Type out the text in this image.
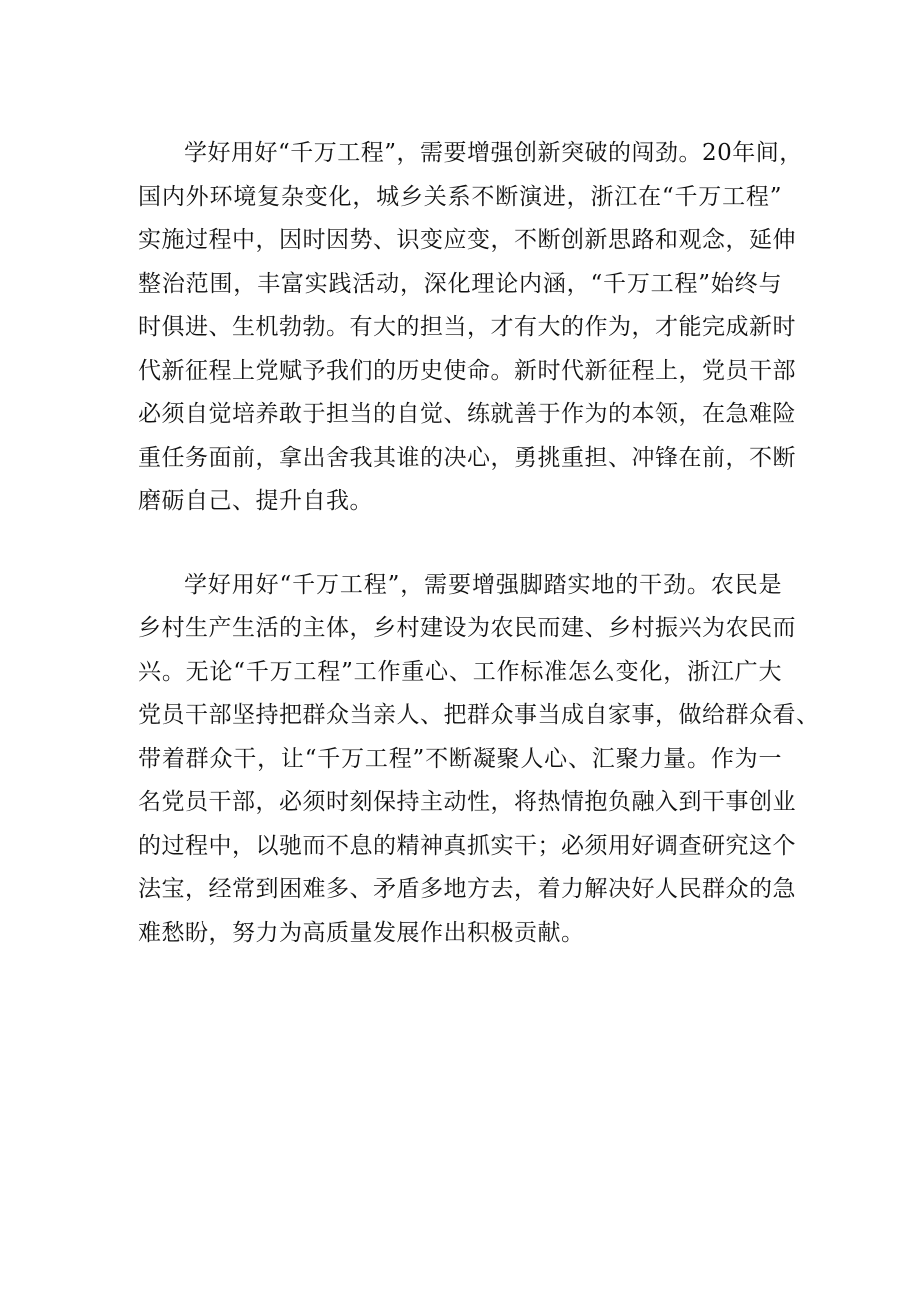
学好用好“千万工程”，需要增强创新突破的闯劲。20年间，
国内外环境复杂变化，城乡关系不断演进，浙江在“千万工程”
实施过程中，因时因势、识变应变，不断创新思路和观念，延伸
整治范围，丰富实践活动，深化理论内涵，“千万工程”始终与
时俱进、生机勃勃。有大的担当，才有大的作为，才能完成新时
代新征程上党赋予我们的历史使命。新时代新征程上，党员干部
必须自觉培养敢于担当的自觉、练就善于作为的本领，在急难险
重任务面前，拿出舍我其谁的决心，勇挑重担、冲锋在前，不断
磨砺自己、提升自我。
学好用好“千万工程”，需要增强脚踏实地的干劲。农民是
乡村生产生活的主体，乡村建设为农民而建、乡村振兴为农民而
兴。无论“千万工程”工作重心、工作标准怎么变化，浙江广大
党员干部坚持把群众当亲人、把群众事当成自家事，做给群众看、
带着群众干，让“千万工程”不断凝聚人心、汇聚力量。作为一
名党员干部，必须时刻保持主动性，将热情抱负融入到干事创业
的过程中，以驰而不息的精神真抓实干；必须用好调查研究这个
法宝，经常到困难多、矛盾多地方去，着力解决好人民群众的急
难愁盼，努力为高质量发展作出积极贡献。
